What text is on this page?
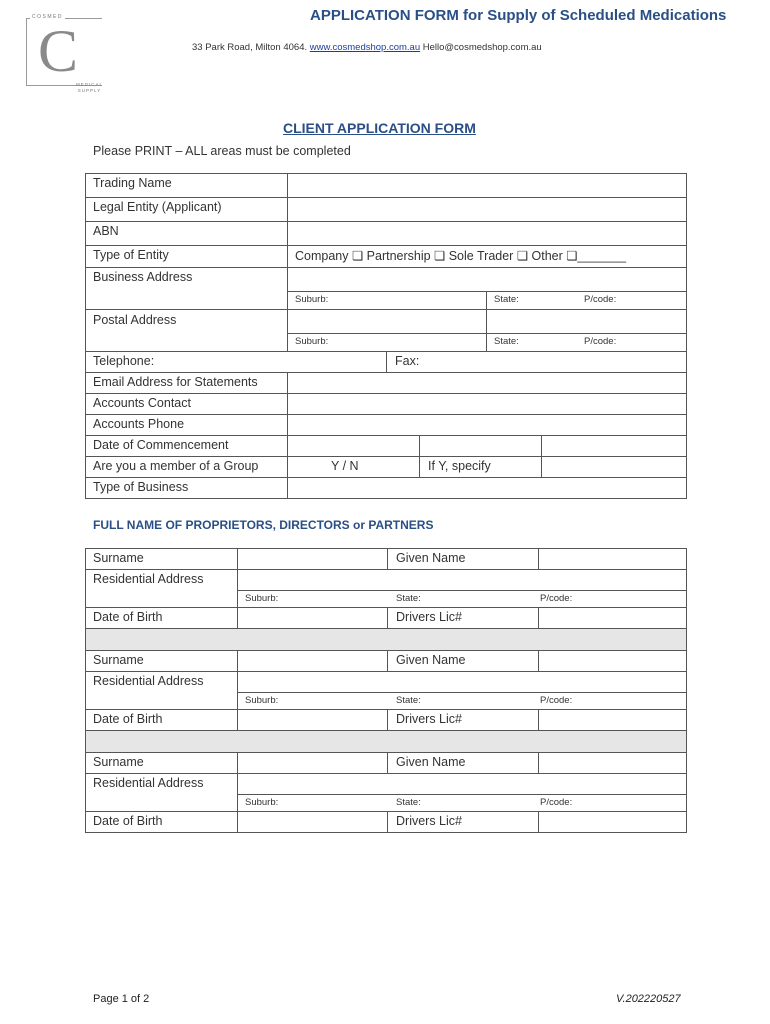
COSMED
C
MEDICAL
SUPPLY
APPLICATION FORM for Supply of Scheduled Medications
33 Park Road, Milton 4064. www.cosmedshop.com.au Hello@cosmedshop.com.au
CLIENT APPLICATION FORM
Please PRINT – ALL areas must be completed
Trading Name
Legal Entity (Applicant)
ABN
Type of Entity	Company ❏ Partnership ❏ Sole Trader ❏ Other ❏_______
Business Address
Suburb:	State:	P/code:
Postal Address
Suburb:	State:	P/code:
Telephone:	Fax:
Email Address for Statements
Accounts Contact
Accounts Phone
Date of Commencement
Are you a member of a Group	Y / N	If Y, specify
Type of Business
FULL NAME OF PROPRIETORS, DIRECTORS or PARTNERS
Surname	Given Name
Residential Address
Suburb:	State:	P/code:
Date of Birth	Drivers Lic#
Surname	Given Name
Residential Address
Suburb:	State:	P/code:
Date of Birth	Drivers Lic#
Surname	Given Name
Residential Address
Suburb:	State:	P/code:
Date of Birth	Drivers Lic#
Page 1 of 2	V.202220527
